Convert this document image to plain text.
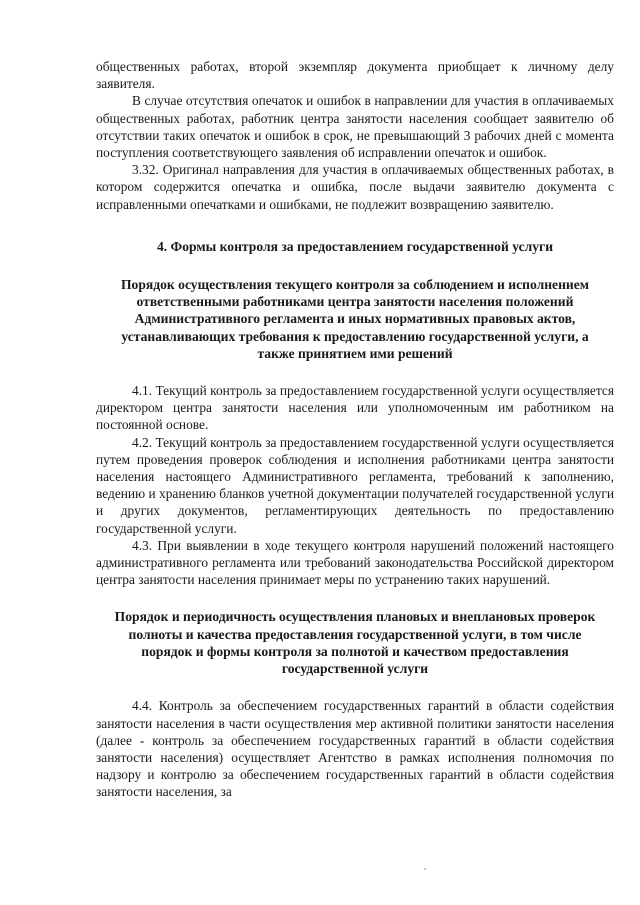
общественных работах, второй экземпляр документа приобщает к личному делу заявителя.

В случае отсутствия опечаток и ошибок в направлении для участия в оплачиваемых общественных работах, работник центра занятости населения сообщает заявителю об отсутствии таких опечаток и ошибок в срок, не превышающий 3 рабочих дней с момента поступления соответствующего заявления об исправлении опечаток и ошибок.

3.32. Оригинал направления для участия в оплачиваемых общественных работах, в котором содержится опечатка и ошибка, после выдачи заявителю документа с исправленными опечатками и ошибками, не подлежит возвращению заявителю.

4. Формы контроля за предоставлением государственной услуги

Порядок осуществления текущего контроля за соблюдением и исполнением ответственными работниками центра занятости населения положений Административного регламента и иных нормативных правовых актов, устанавливающих требования к предоставлению государственной услуги, а также принятием ими решений

4.1. Текущий контроль за предоставлением государственной услуги осуществляется директором центра занятости населения или уполномоченным им работником на постоянной основе.

4.2. Текущий контроль за предоставлением государственной услуги осуществляется путем проведения проверок соблюдения и исполнения работниками центра занятости населения настоящего Административного регламента, требований к заполнению, ведению и хранению бланков учетной документации получателей государственной услуги и других документов, регламентирующих деятельность по предоставлению государственной услуги.

4.3. При выявлении в ходе текущего контроля нарушений положений настоящего административного регламента или требований законодательства Российской директором центра занятости населения принимает меры по устранению таких нарушений.

Порядок и периодичность осуществления плановых и внеплановых проверок полноты и качества предоставления государственной услуги, в том числе порядок и формы контроля за полнотой и качеством предоставления государственной услуги

4.4. Контроль за обеспечением государственных гарантий в области содействия занятости населения в части осуществления мер активной политики занятости населения (далее - контроль за обеспечением государственных гарантий в области содействия занятости населения) осуществляет Агентство в рамках исполнения полномочия по надзору и контролю за обеспечением государственных гарантий в области содействия занятости населения, за
